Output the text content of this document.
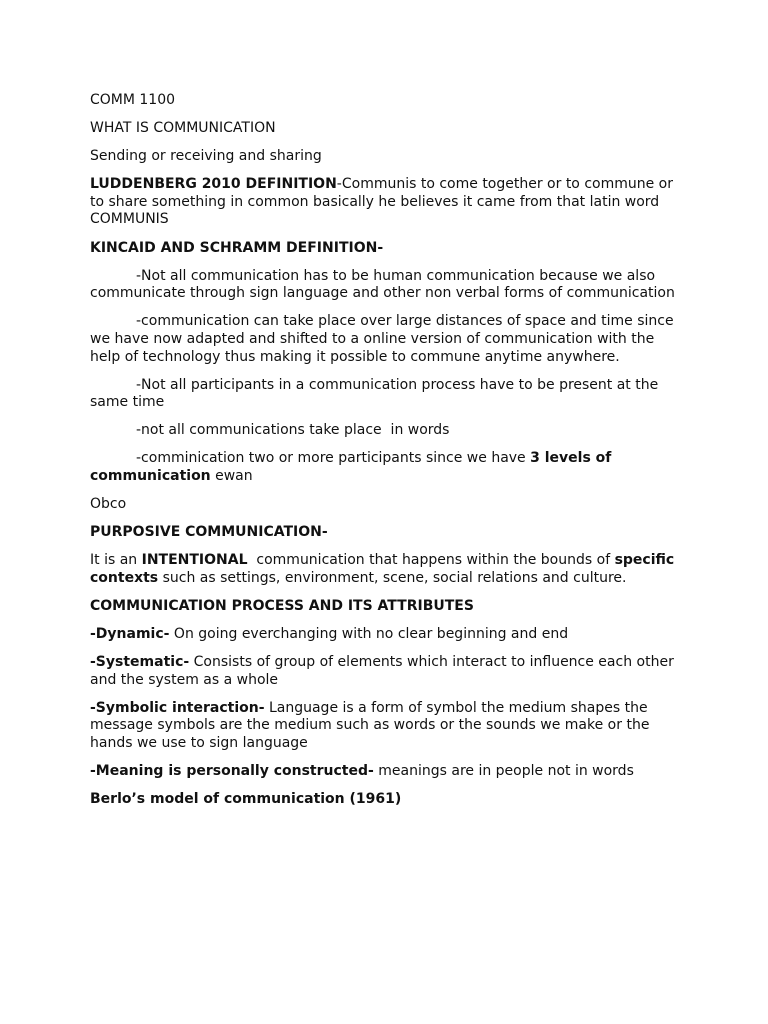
COMM 1100

WHAT IS COMMUNICATION

Sending or receiving and sharing

LUDDENBERG 2010 DEFINITION-Communis to come together or to commune or to share something in common basically he believes it came from that latin word COMMUNIS

KINCAID AND SCHRAMM DEFINITION-

-Not all communication has to be human communication because we also communicate through sign language and other non verbal forms of communication

-communication can take place over large distances of space and time since we have now adapted and shifted to a online version of communication with the help of technology thus making it possible to commune anytime anywhere.

-Not all participants in a communication process have to be present at the same time

-not all communications take place  in words

-comminication two or more participants since we have 3 levels of communication ewan

Obco

PURPOSIVE COMMUNICATION-

It is an INTENTIONAL  communication that happens within the bounds of specific contexts such as settings, environment, scene, social relations and culture.

COMMUNICATION PROCESS AND ITS ATTRIBUTES

-Dynamic- On going everchanging with no clear beginning and end

-Systematic- Consists of group of elements which interact to influence each other and the system as a whole

-Symbolic interaction- Language is a form of symbol the medium shapes the message symbols are the medium such as words or the sounds we make or the hands we use to sign language

-Meaning is personally constructed- meanings are in people not in words

Berlo’s model of communication (1961)
